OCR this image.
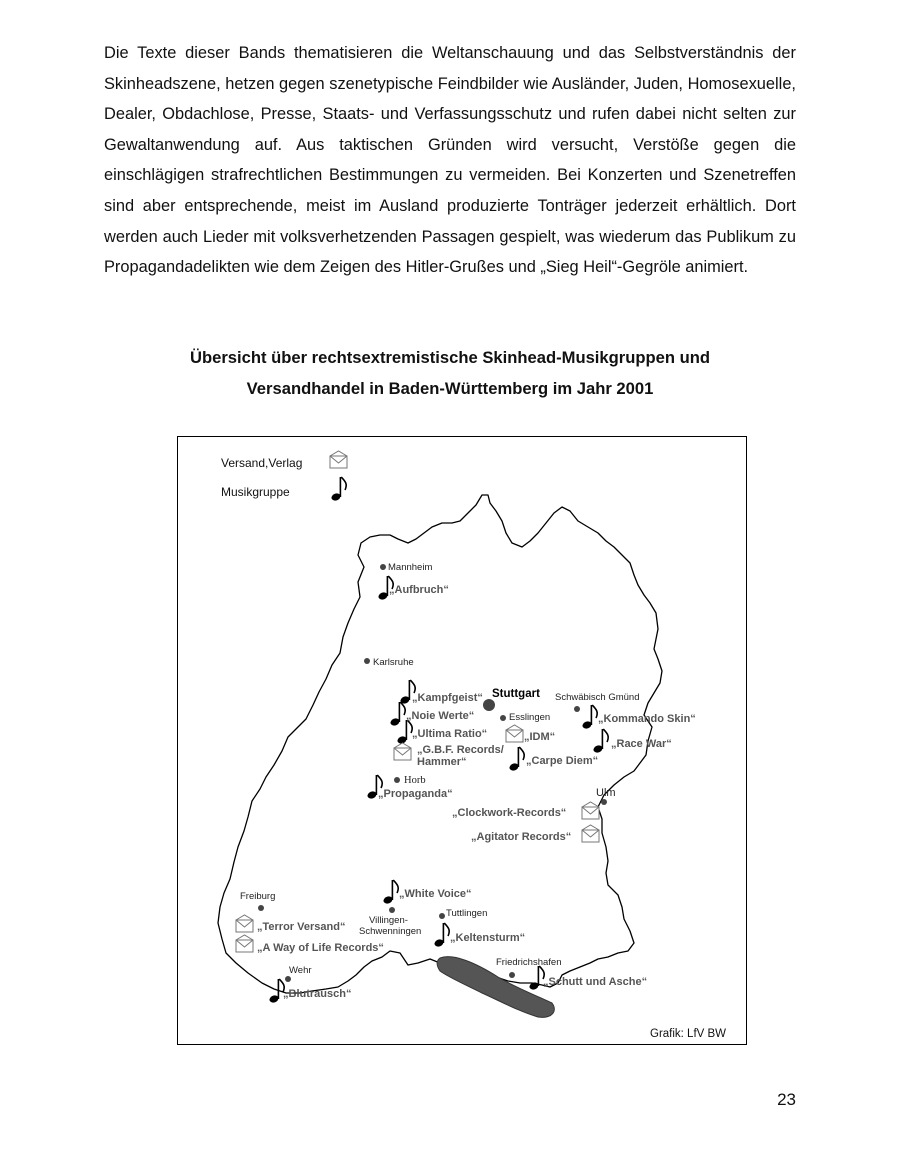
Die Texte dieser Bands thematisieren die Weltanschauung und das Selbstverständnis der Skinheadszene, hetzen gegen szenetypische Feindbilder wie Ausländer, Juden, Homosexuelle, Dealer, Obdachlose, Presse, Staats- und Verfassungsschutz und rufen dabei nicht selten zur Gewaltanwendung auf. Aus taktischen Gründen wird versucht, Verstöße gegen die einschlägigen strafrechtlichen Bestimmungen zu vermeiden. Bei Konzerten und Szenetreffen sind aber entsprechende, meist im Ausland produzierte Tonträger jederzeit erhältlich. Dort werden auch Lieder mit volksverhetzenden Passagen gespielt, was wiederum das Publikum zu Propagandadelikten wie dem Zeigen des Hitler-Grußes und „Sieg Heil“-Gegröle animiert.

Übersicht über rechtsextremistische Skinhead-Musikgruppen und
Versandhandel in Baden-Württemberg im Jahr 2001
Versand,Verlag
Musikgruppe
Mannheim
Karlsruhe
Stuttgart
Esslingen
Schwäbisch Gmünd
Horb
Ulm
Freiburg
Villingen-
Schwenningen
Tuttlingen
Wehr
Friedrichshafen
„Aufbruch“
„Kampfgeist“
„Noie Werte“
„Ultima Ratio“	„IDM“
„G.B.F. Records/
Hammer“
„Kommando Skin“
„Race War“
„Carpe Diem“
„Propaganda“
„Clockwork-Records“
„Agitator Records“
„White Voice“
„Terror Versand“
„A Way of Life Records“
„Keltensturm“
„Blutrausch“
„Schutt und Asche“
Grafik: LfV BW
23
